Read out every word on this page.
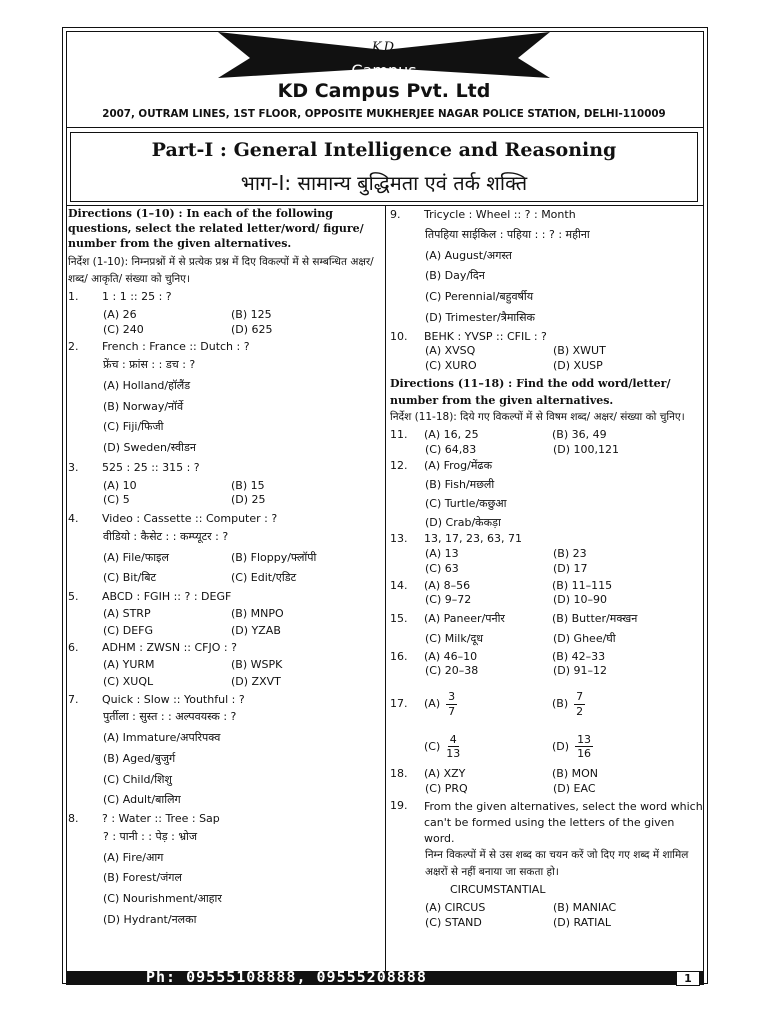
KD
Campus
KD Campus Pvt. Ltd
2007, OUTRAM LINES, 1ST FLOOR, OPPOSITE MUKHERJEE NAGAR POLICE STATION, DELHI-110009
Part-I : General Intelligence and Reasoning
भाग-I: सामान्य बुद्धिमता एवं तर्क शक्ति
Directions (1–10) : In each of the following questions, select the related letter/word/ figure/ number from the given alternatives.
निर्देश (1-10): निम्नप्रश्नों में से प्रत्येक प्रश्न में दिए विकल्पों में से सम्बन्धित अक्षर/ शब्द/ आकृति/ संख्या को चुनिए।
1.	1 : 1 :: 25 : ?
(A) 26	(B) 125
(C) 240	(D) 625
2.	French : France :: Dutch : ?
फ्रेंच : फ्रांस : : डच : ?
(A) Holland/हॉलैंड
(B) Norway/नॉर्वे
(C) Fiji/फिजी
(D) Sweden/स्वीडन
3.	525 : 25 :: 315 : ?
(A) 10	(B) 15
(C) 5	(D) 25
4.	Video : Cassette :: Computer : ?
वीडियो : कैसेट : : कम्प्यूटर : ?
(A) File/फाइल	(B) Floppy/फ्लॉपी
(C) Bit/बिट	(C) Edit/एडिट
5.	ABCD : FGIH :: ? : DEGF
(A) STRP	(B) MNPO
(C) DEFG	(D) YZAB
6.	ADHM : ZWSN :: CFJO : ?
(A) YURM	(B) WSPK
(C) XUQL	(D) ZXVT
7.	Quick : Slow :: Youthful : ?
पुर्तीला : सुस्त : : अल्पवयस्क : ?
(A) Immature/अपरिपक्व
(B) Aged/बुजुर्ग
(C) Child/शिशु
(C) Adult/बालिग
8.	? : Water :: Tree : Sap
? : पानी : : पेड़ : भ्रोज
(A) Fire/आग
(B) Forest/जंगल
(C) Nourishment/आहार
(D) Hydrant/नलका
9.	Tricycle : Wheel :: ? : Month
तिपहिया साईकिल : पहिया : : ? : महीना
(A) August/अगस्त
(B) Day/दिन
(C) Perennial/बहुवर्षीय
(D) Trimester/त्रैमासिक
10.	BEHK : YVSP :: CFIL : ?
(A) XVSQ	(B) XWUT
(C) XURO	(D) XUSP
Directions (11–18) : Find the odd word/letter/ number from the given alternatives.
निर्देश (11-18): दिये गए विकल्पों में से विषम शब्द/ अक्षर/ संख्या को चुनिए।
11.	(A) 16, 25	(B) 36, 49
(C) 64,83	(D) 100,121
12.	(A) Frog/मेंढक
(B) Fish/मछली
(C) Turtle/कछुआ
(D) Crab/केकड़ा
13.	13, 17, 23, 63, 71
(A) 13	(B) 23
(C) 63	(D) 17
14.	(A) 8–56	(B) 11–115
(C) 9–72	(D) 10–90
15.	(A) Paneer/पनीर	(B) Butter/मक्खन
(C) Milk/दूध	(D) Ghee/घी
16.	(A) 46–10	(B) 42–33
(C) 20–38	(D) 91–12
17.	$(A) \frac{3}{7}$	$(B) \frac{7}{2}$
$(C) \frac{4}{13}$	$(D) \frac{13}{16}$
18.	(A) XZY	(B) MON
(C) PRQ	(D) EAC
19.	From the given alternatives, select the word which can't be formed using the letters of the given word.
निम्न विकल्पों में से उस शब्द का चयन करें जो दिए गए शब्द में शामिल अक्षरों से नहीं बनाया जा सकता हो।
CIRCUMSTANTIAL
(A) CIRCUS	(B) MANIAC
(C) STAND	(D) RATIAL
Ph: 09555108888, 09555208888	1
